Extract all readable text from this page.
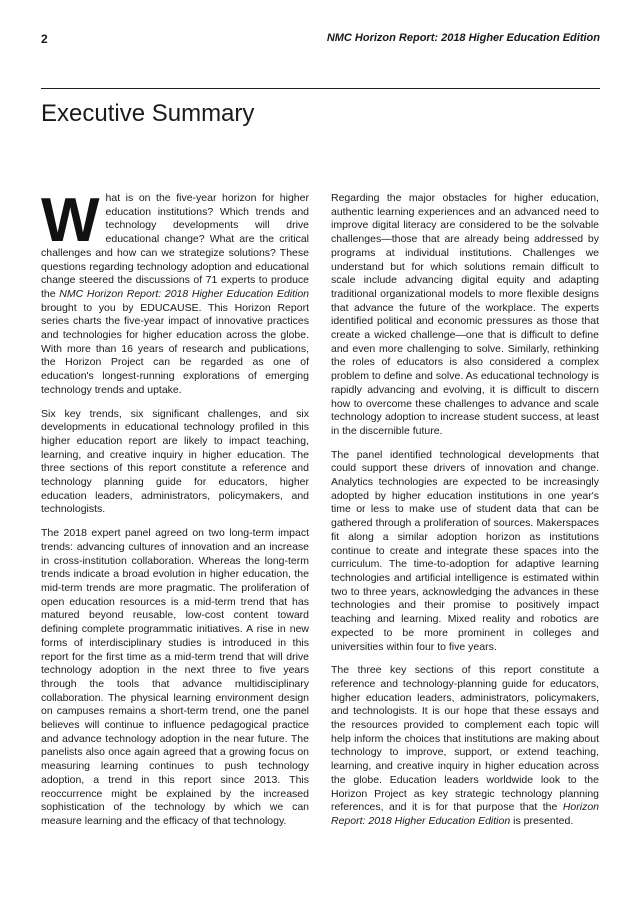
2	NMC Horizon Report: 2018 Higher Education Edition
Executive Summary

What is on the five-year horizon for higher education institutions? Which trends and technology developments will drive educational change? What are the critical challenges and how can we strategize solutions? These questions regarding technology adoption and educational change steered the discussions of 71 experts to produce the NMC Horizon Report: 2018 Higher Education Edition brought to you by EDUCAUSE. This Horizon Report series charts the five-year impact of innovative practices and technologies for higher education across the globe. With more than 16 years of research and publications, the Horizon Project can be regarded as one of education's longest-running explorations of emerging technology trends and uptake.

Six key trends, six significant challenges, and six developments in educational technology profiled in this higher education report are likely to impact teaching, learning, and creative inquiry in higher education. The three sections of this report constitute a reference and technology planning guide for educators, higher education leaders, administrators, policymakers, and technologists.

The 2018 expert panel agreed on two long-term impact trends: advancing cultures of innovation and an increase in cross-institution collaboration. Whereas the long-term trends indicate a broad evolution in higher education, the mid-term trends are more pragmatic. The proliferation of open education resources is a mid-term trend that has matured beyond reusable, low-cost content toward defining complete programmatic initiatives. A rise in new forms of interdisciplinary studies is introduced in this report for the first time as a mid-term trend that will drive technology adoption in the next three to five years through the tools that advance multidisciplinary collaboration. The physical learning environment design on campuses remains a short-term trend, one the panel believes will continue to influence pedagogical practice and advance technology adoption in the near future. The panelists also once again agreed that a growing focus on measuring learning continues to push technology adoption, a trend in this report since 2013. This reoccurrence might be explained by the increased sophistication of the technology by which we can measure learning and the efficacy of that technology.

Regarding the major obstacles for higher education, authentic learning experiences and an advanced need to improve digital literacy are considered to be the solvable challenges—those that are already being addressed by programs at individual institutions. Challenges we understand but for which solutions remain difficult to scale include advancing digital equity and adapting traditional organizational models to more flexible designs that advance the future of the workplace. The experts identified political and economic pressures as those that create a wicked challenge—one that is difficult to define and even more challenging to solve. Similarly, rethinking the roles of educators is also considered a complex problem to define and solve. As educational technology is rapidly advancing and evolving, it is difficult to discern how to overcome these challenges to advance and scale technology adoption to increase student success, at least in the discernible future.

The panel identified technological developments that could support these drivers of innovation and change. Analytics technologies are expected to be increasingly adopted by higher education institutions in one year's time or less to make use of student data that can be gathered through a proliferation of sources. Makerspaces fit along a similar adoption horizon as institutions continue to create and integrate these spaces into the curriculum. The time-to-adoption for adaptive learning technologies and artificial intelligence is estimated within two to three years, acknowledging the advances in these technologies and their promise to positively impact teaching and learning. Mixed reality and robotics are expected to be more prominent in colleges and universities within four to five years.

The three key sections of this report constitute a reference and technology-planning guide for educators, higher education leaders, administrators, policymakers, and technologists. It is our hope that these essays and the resources provided to complement each topic will help inform the choices that institutions are making about technology to improve, support, or extend teaching, learning, and creative inquiry in higher education across the globe. Education leaders worldwide look to the Horizon Project as key strategic technology planning references, and it is for that purpose that the Horizon Report: 2018 Higher Education Edition is presented.
